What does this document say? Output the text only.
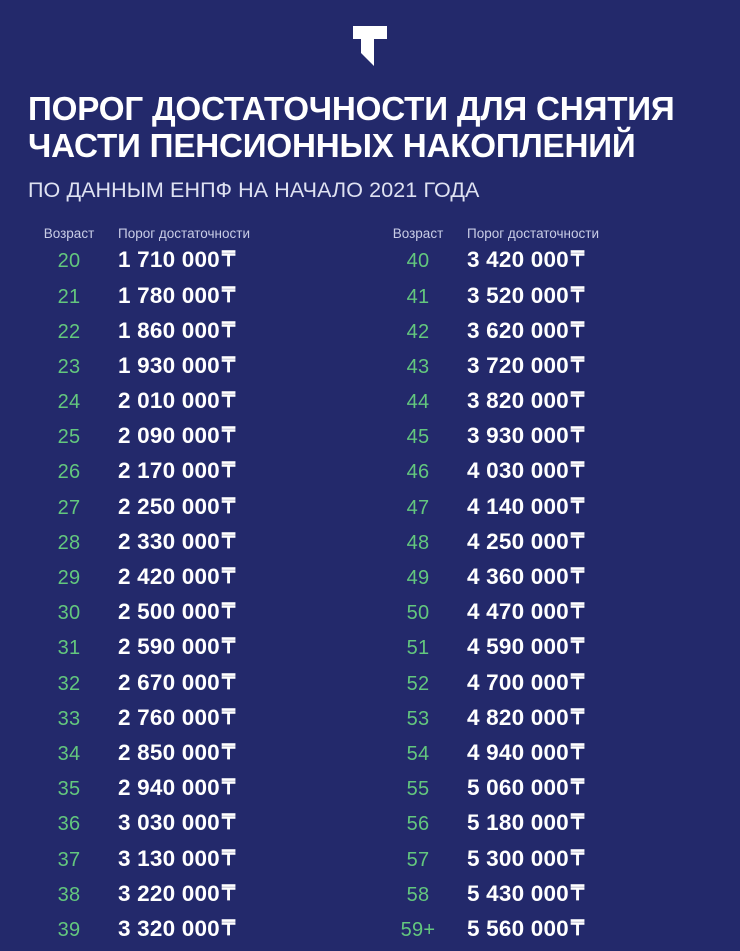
ПОРОГ ДОСТАТОЧНОСТИ ДЛЯ СНЯТИЯ
ЧАСТИ ПЕНСИОННЫХ НАКОПЛЕНИЙ
ПО ДАННЫМ ЕНПФ НА НАЧАЛО 2021 ГОДА
Возраст	Порог достаточности
20	1 710 000₸
21	1 780 000₸
22	1 860 000₸
23	1 930 000₸
24	2 010 000₸
25	2 090 000₸
26	2 170 000₸
27	2 250 000₸
28	2 330 000₸
29	2 420 000₸
30	2 500 000₸
31	2 590 000₸
32	2 670 000₸
33	2 760 000₸
34	2 850 000₸
35	2 940 000₸
36	3 030 000₸
37	3 130 000₸
38	3 220 000₸
39	3 320 000₸
Возраст	Порог достаточности
40	3 420 000₸
41	3 520 000₸
42	3 620 000₸
43	3 720 000₸
44	3 820 000₸
45	3 930 000₸
46	4 030 000₸
47	4 140 000₸
48	4 250 000₸
49	4 360 000₸
50	4 470 000₸
51	4 590 000₸
52	4 700 000₸
53	4 820 000₸
54	4 940 000₸
55	5 060 000₸
56	5 180 000₸
57	5 300 000₸
58	5 430 000₸
59+	5 560 000₸
